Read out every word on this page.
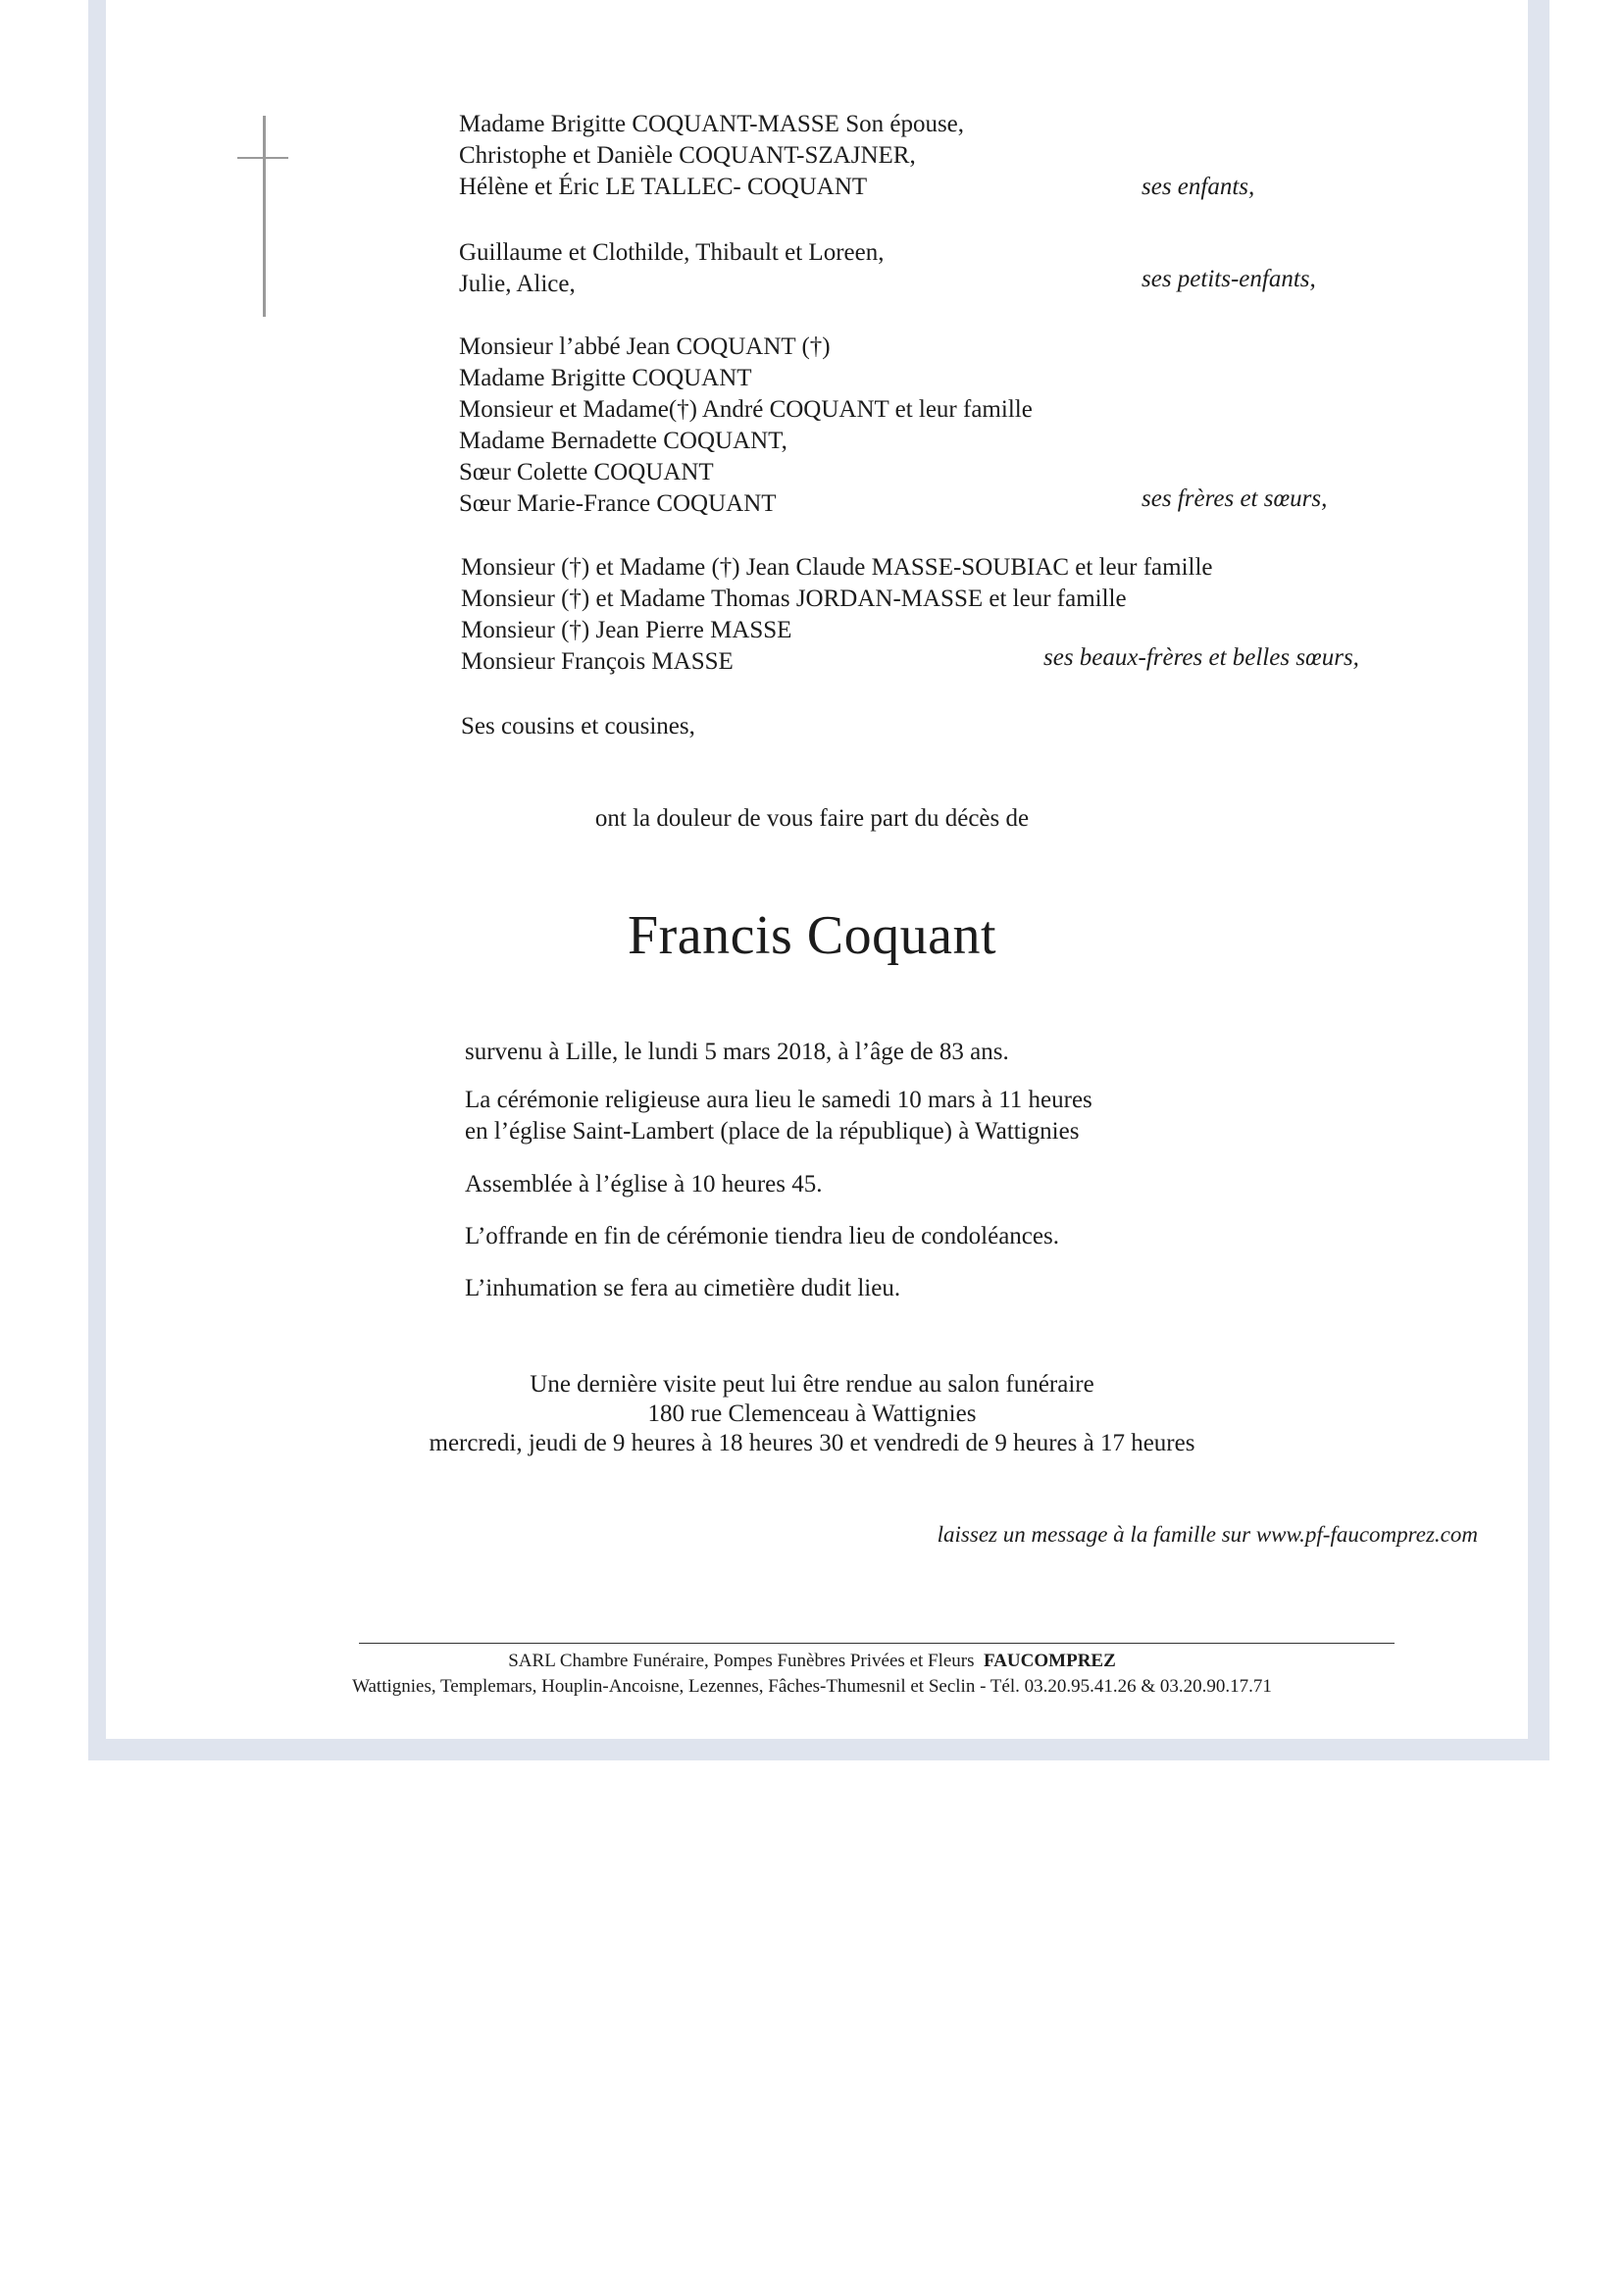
Madame Brigitte COQUANT-MASSE Son épouse,
Christophe et Danièle COQUANT-SZAJNER,
Hélène et Éric LE TALLEC- COQUANT	ses enfants,
Guillaume et Clothilde, Thibault et Loreen,
Julie, Alice,	ses petits-enfants,
Monsieur l’abbé Jean COQUANT (†)
Madame Brigitte COQUANT
Monsieur et Madame(†) André COQUANT et leur famille
Madame Bernadette COQUANT,
Sœur Colette COQUANT
Sœur Marie-France COQUANT	ses frères et sœurs,
Monsieur (†) et Madame (†) Jean Claude MASSE-SOUBIAC et leur famille
Monsieur (†) et Madame Thomas JORDAN-MASSE et leur famille
Monsieur (†) Jean Pierre MASSE
Monsieur François MASSE	ses beaux-frères et belles sœurs,
Ses cousins et cousines,
ont la douleur de vous faire part du décès de
Francis Coquant
survenu à Lille, le lundi 5 mars 2018, à l’âge de 83 ans.
La cérémonie religieuse aura lieu le samedi 10 mars à 11 heures
en l’église Saint-Lambert (place de la république) à Wattignies
Assemblée à l’église à 10 heures 45.
L’offrande en fin de cérémonie tiendra lieu de condoléances.
L’inhumation se fera au cimetière dudit lieu.
Une dernière visite peut lui être rendue au salon funéraire
180 rue Clemenceau à Wattignies
mercredi, jeudi de 9 heures à 18 heures 30 et vendredi de 9 heures à 17 heures
laissez un message à la famille sur www.pf-faucomprez.com
SARL Chambre Funéraire, Pompes Funèbres Privées et Fleurs FAUCOMPREZ
Wattignies, Templemars, Houplin-Ancoisne, Lezennes, Fâches-Thumesnil et Seclin - Tél. 03.20.95.41.26 & 03.20.90.17.71
